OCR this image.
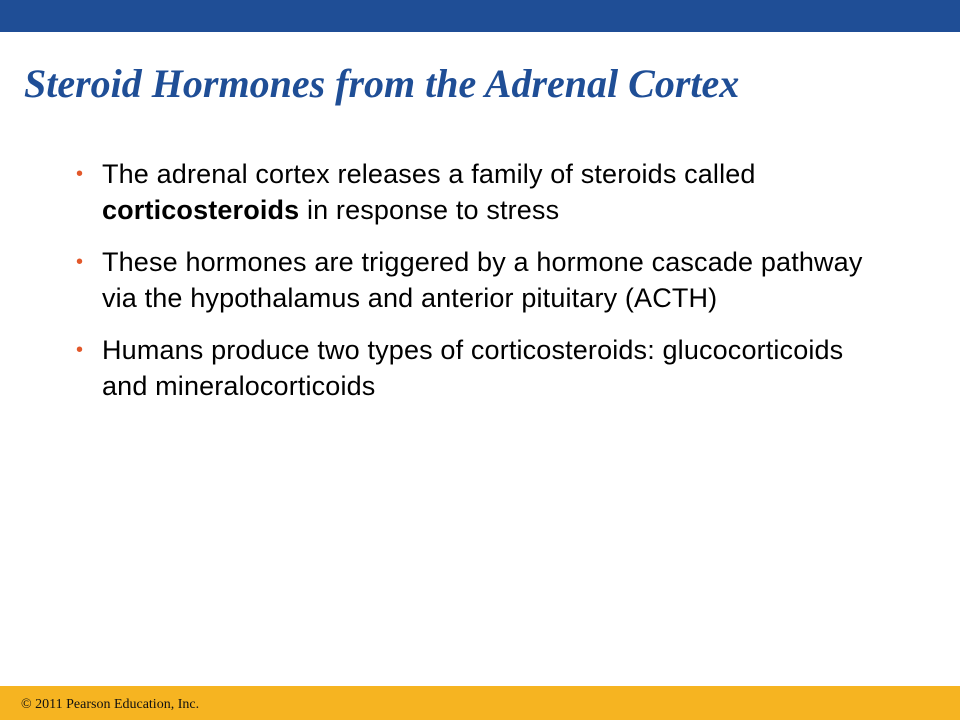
Steroid Hormones from the Adrenal Cortex
• The adrenal cortex releases a family of steroids called corticosteroids in response to stress
• These hormones are triggered by a hormone cascade pathway via the hypothalamus and anterior pituitary (ACTH)
• Humans produce two types of corticosteroids: glucocorticoids and mineralocorticoids
© 2011 Pearson Education, Inc.
